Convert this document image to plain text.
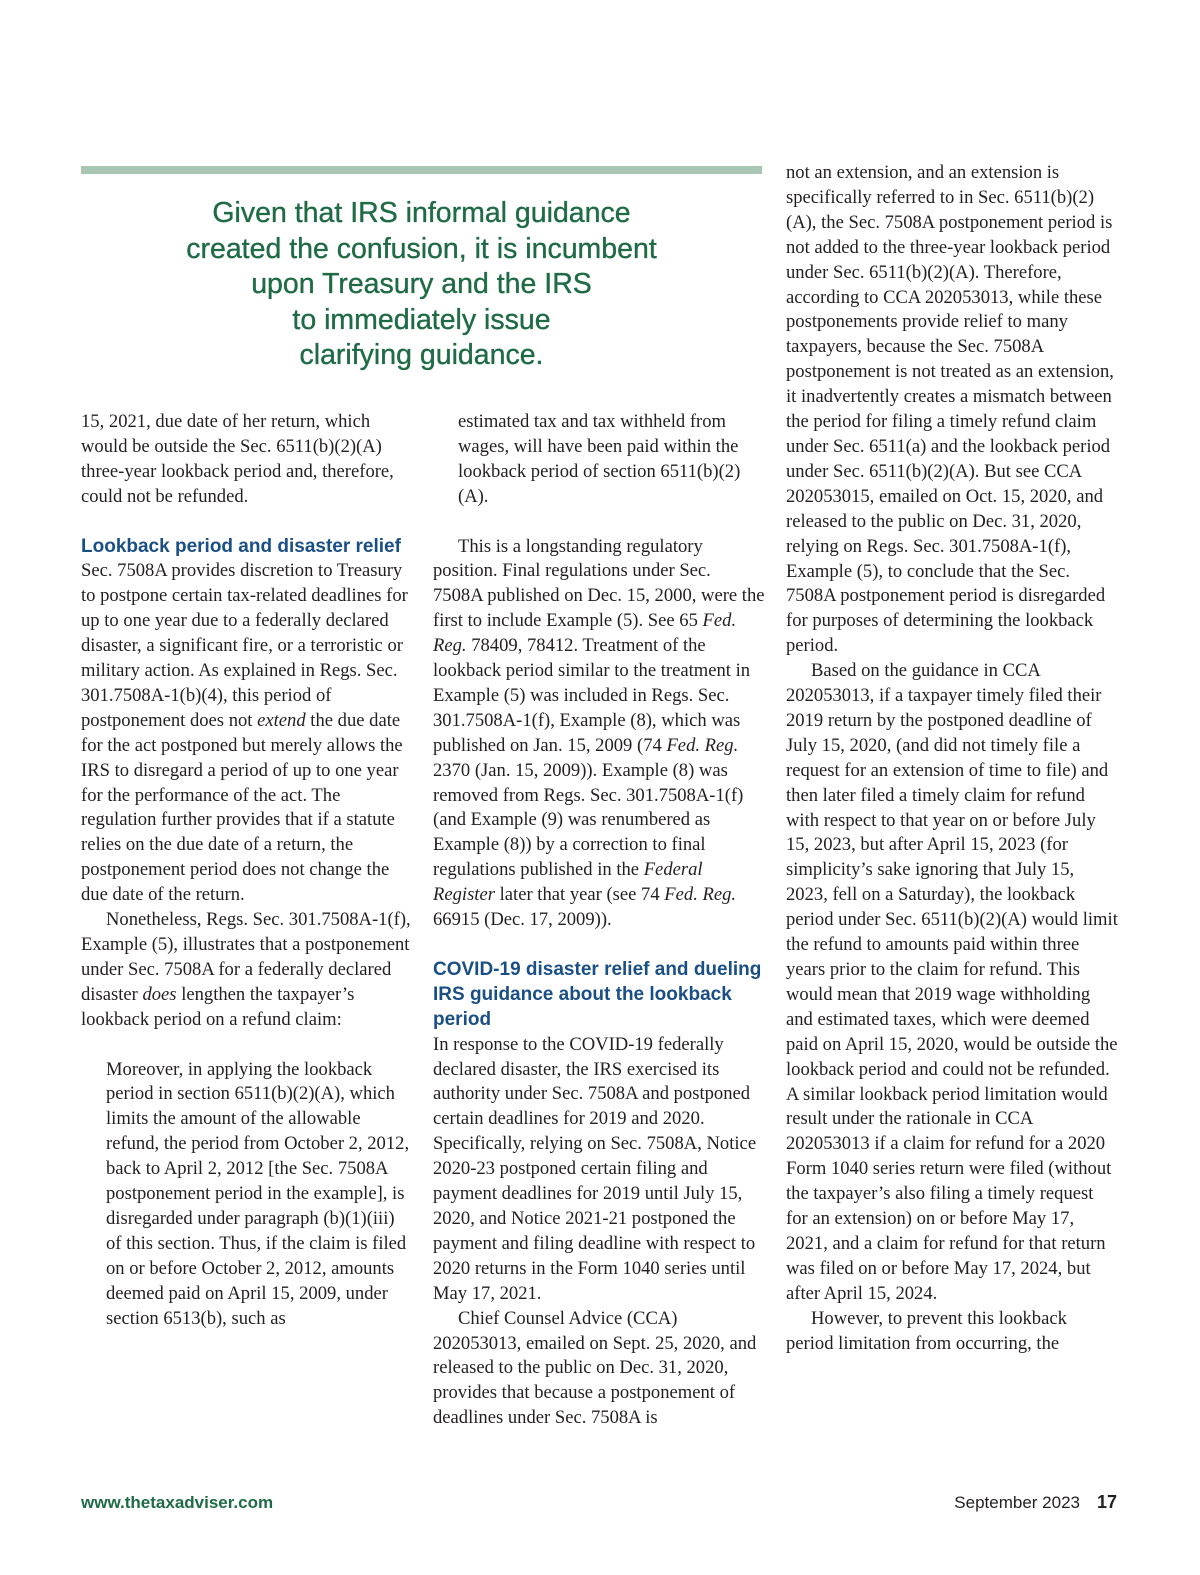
Given that IRS informal guidance
created the confusion, it is incumbent
upon Treasury and the IRS
to immediately issue
clarifying guidance.

15, 2021, due date of her return, which would be outside the Sec. 6511(b)(2)(A) three-year lookback period and, therefore, could not be refunded.

Lookback period and disaster relief

Sec. 7508A provides discretion to Treasury to postpone certain tax-related deadlines for up to one year due to a federally declared disaster, a significant fire, or a terroristic or military action. As explained in Regs. Sec. 301.7508A-1(b)(4), this period of postponement does not extend the due date for the act postponed but merely allows the IRS to disregard a period of up to one year for the performance of the act. The regulation further provides that if a statute relies on the due date of a return, the postponement period does not change the due date of the return.

Nonetheless, Regs. Sec. 301.7508A-1(f), Example (5), illustrates that a postponement under Sec. 7508A for a federally declared disaster does lengthen the taxpayer’s lookback period on a refund claim:

Moreover, in applying the lookback period in section 6511(b)(2)(A), which limits the amount of the allowable refund, the period from October 2, 2012, back to April 2, 2012 [the Sec. 7508A postponement period in the example], is disregarded under paragraph (b)(1)(iii) of this section. Thus, if the claim is filed on or before October 2, 2012, amounts deemed paid on April 15, 2009, under section 6513(b), such as

estimated tax and tax withheld from wages, will have been paid within the lookback period of section 6511(b)(2)(A).

This is a longstanding regulatory position. Final regulations under Sec. 7508A published on Dec. 15, 2000, were the first to include Example (5). See 65 Fed. Reg. 78409, 78412. Treatment of the lookback period similar to the treatment in Example (5) was included in Regs. Sec. 301.7508A-1(f), Example (8), which was published on Jan. 15, 2009 (74 Fed. Reg. 2370 (Jan. 15, 2009)). Example (8) was removed from Regs. Sec. 301.7508A-1(f) (and Example (9) was renumbered as Example (8)) by a correction to final regulations published in the Federal Register later that year (see 74 Fed. Reg. 66915 (Dec. 17, 2009)).

COVID-19 disaster relief and dueling IRS guidance about the lookback period

In response to the COVID-19 federally declared disaster, the IRS exercised its authority under Sec. 7508A and postponed certain deadlines for 2019 and 2020. Specifically, relying on Sec. 7508A, Notice 2020-23 postponed certain filing and payment deadlines for 2019 until July 15, 2020, and Notice 2021-21 postponed the payment and filing deadline with respect to 2020 returns in the Form 1040 series until May 17, 2021.

Chief Counsel Advice (CCA) 202053013, emailed on Sept. 25, 2020, and released to the public on Dec. 31, 2020, provides that because a postponement of deadlines under Sec. 7508A is

not an extension, and an extension is specifically referred to in Sec. 6511(b)(2)(A), the Sec. 7508A postponement period is not added to the three-year lookback period under Sec. 6511(b)(2)(A). Therefore, according to CCA 202053013, while these postponements provide relief to many taxpayers, because the Sec. 7508A postponement is not treated as an extension, it inadvertently creates a mismatch between the period for filing a timely refund claim under Sec. 6511(a) and the lookback period under Sec. 6511(b)(2)(A). But see CCA 202053015, emailed on Oct. 15, 2020, and released to the public on Dec. 31, 2020, relying on Regs. Sec. 301.7508A-1(f), Example (5), to conclude that the Sec. 7508A postponement period is disregarded for purposes of determining the lookback period.

Based on the guidance in CCA 202053013, if a taxpayer timely filed their 2019 return by the postponed deadline of July 15, 2020, (and did not timely file a request for an extension of time to file) and then later filed a timely claim for refund with respect to that year on or before July 15, 2023, but after April 15, 2023 (for simplicity’s sake ignoring that July 15, 2023, fell on a Saturday), the lookback period under Sec. 6511(b)(2)(A) would limit the refund to amounts paid within three years prior to the claim for refund. This would mean that 2019 wage withholding and estimated taxes, which were deemed paid on April 15, 2020, would be outside the lookback period and could not be refunded. A similar lookback period limitation would result under the rationale in CCA 202053013 if a claim for refund for a 2020 Form 1040 series return were filed (without the taxpayer’s also filing a timely request for an extension) on or before May 17, 2021, and a claim for refund for that return was filed on or before May 17, 2024, but after April 15, 2024.

However, to prevent this lookback period limitation from occurring, the

www.thetaxadviser.com	September 2023 17
